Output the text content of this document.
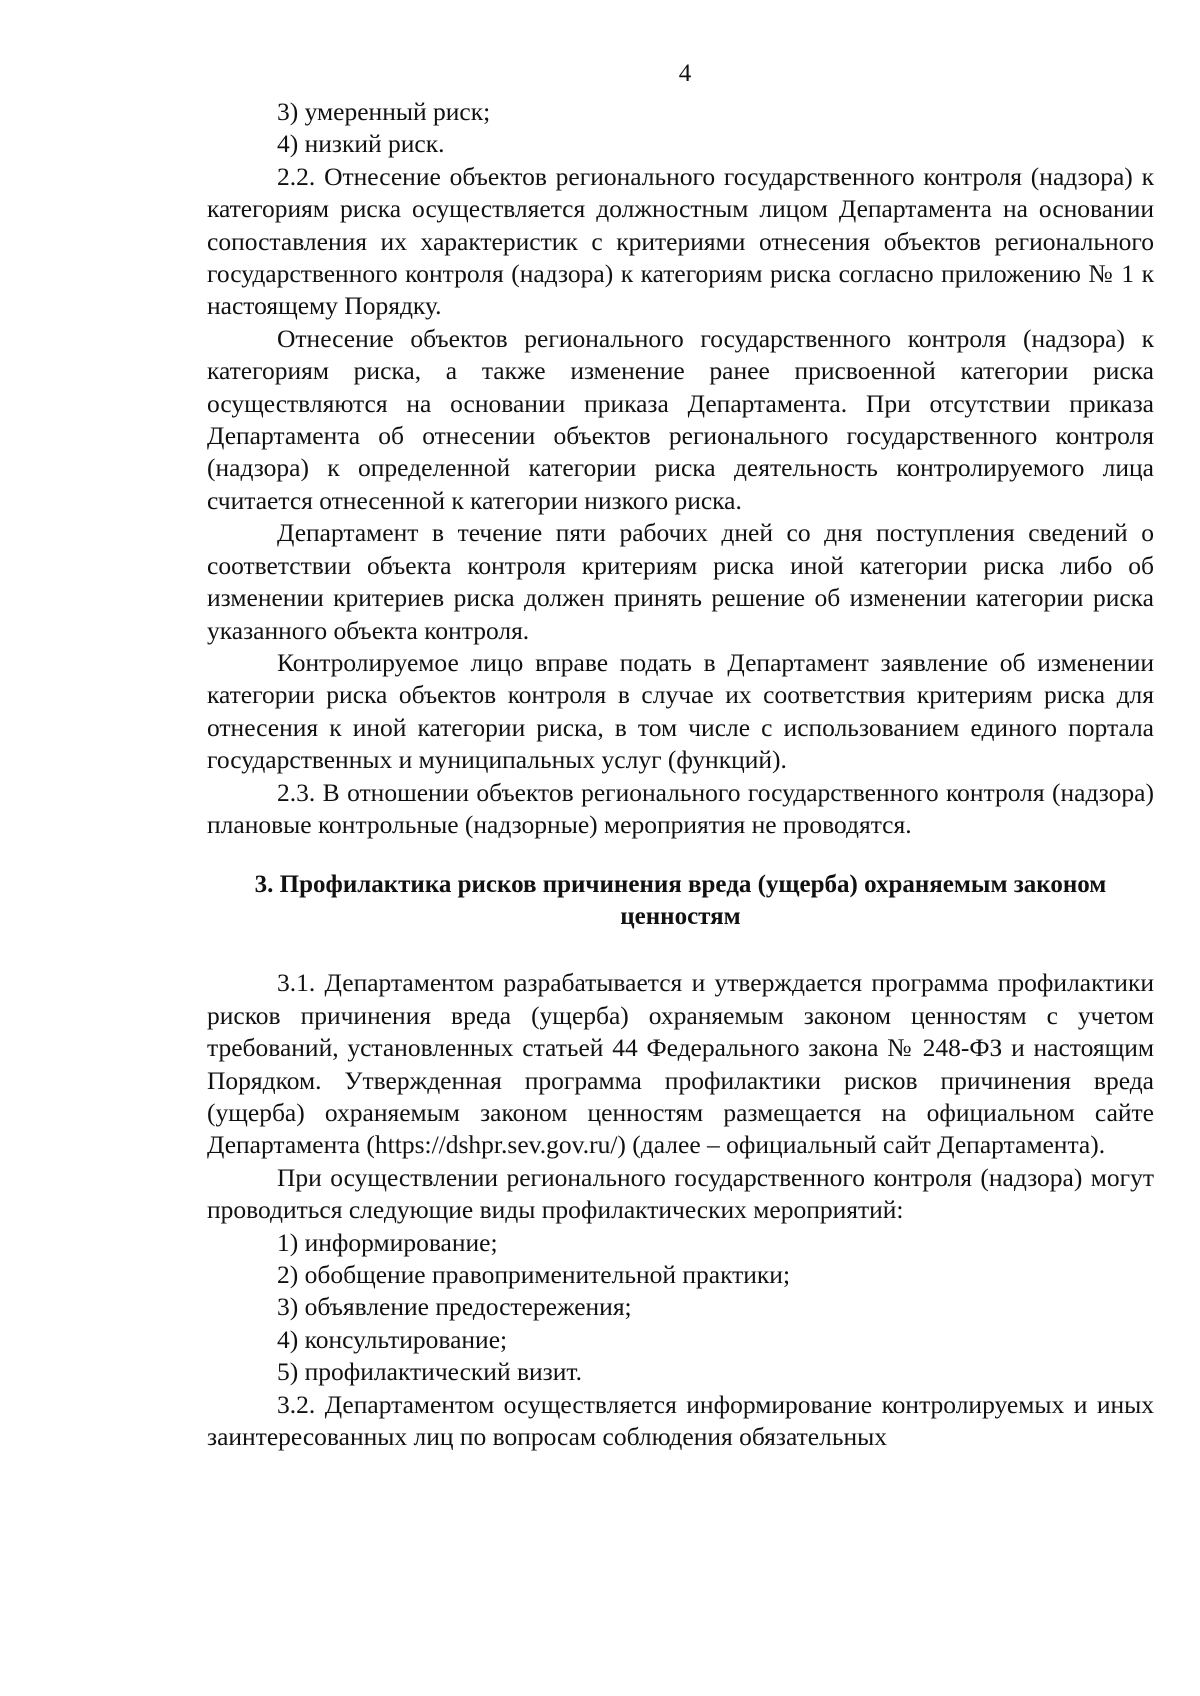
4

3) умеренный риск;

4) низкий риск.

2.2. Отнесение объектов регионального государственного контроля (надзора) к категориям риска осуществляется должностным лицом Департамента на основании сопоставления их характеристик с критериями отнесения объектов регионального государственного контроля (надзора) к категориям риска согласно приложению № 1 к настоящему Порядку.

Отнесение объектов регионального государственного контроля (надзора) к категориям риска, а также изменение ранее присвоенной категории риска осуществляются на основании приказа Департамента. При отсутствии приказа Департамента об отнесении объектов регионального государственного контроля (надзора) к определенной категории риска деятельность контролируемого лица считается отнесенной к категории низкого риска.

Департамент в течение пяти рабочих дней со дня поступления сведений о соответствии объекта контроля критериям риска иной категории риска либо об изменении критериев риска должен принять решение об изменении категории риска указанного объекта контроля.

Контролируемое лицо вправе подать в Департамент заявление об изменении категории риска объектов контроля в случае их соответствия критериям риска для отнесения к иной категории риска, в том числе с использованием единого портала государственных и муниципальных услуг (функций).

2.3. В отношении объектов регионального государственного контроля (надзора) плановые контрольные (надзорные) мероприятия не проводятся.

3. Профилактика рисков причинения вреда (ущерба) охраняемым законом ценностям

3.1. Департаментом разрабатывается и утверждается программа профилактики рисков причинения вреда (ущерба) охраняемым законом ценностям с учетом требований, установленных статьей 44 Федерального закона № 248-ФЗ и настоящим Порядком. Утвержденная программа профилактики рисков причинения вреда (ущерба) охраняемым законом ценностям размещается на официальном сайте Департамента (https://dshpr.sev.gov.ru/) (далее – официальный сайт Департамента).

При осуществлении регионального государственного контроля (надзора) могут проводиться следующие виды профилактических мероприятий:

1) информирование;

2) обобщение правоприменительной практики;

3) объявление предостережения;

4) консультирование;

5) профилактический визит.

3.2. Департаментом осуществляется информирование контролируемых и иных заинтересованных лиц по вопросам соблюдения обязательных
